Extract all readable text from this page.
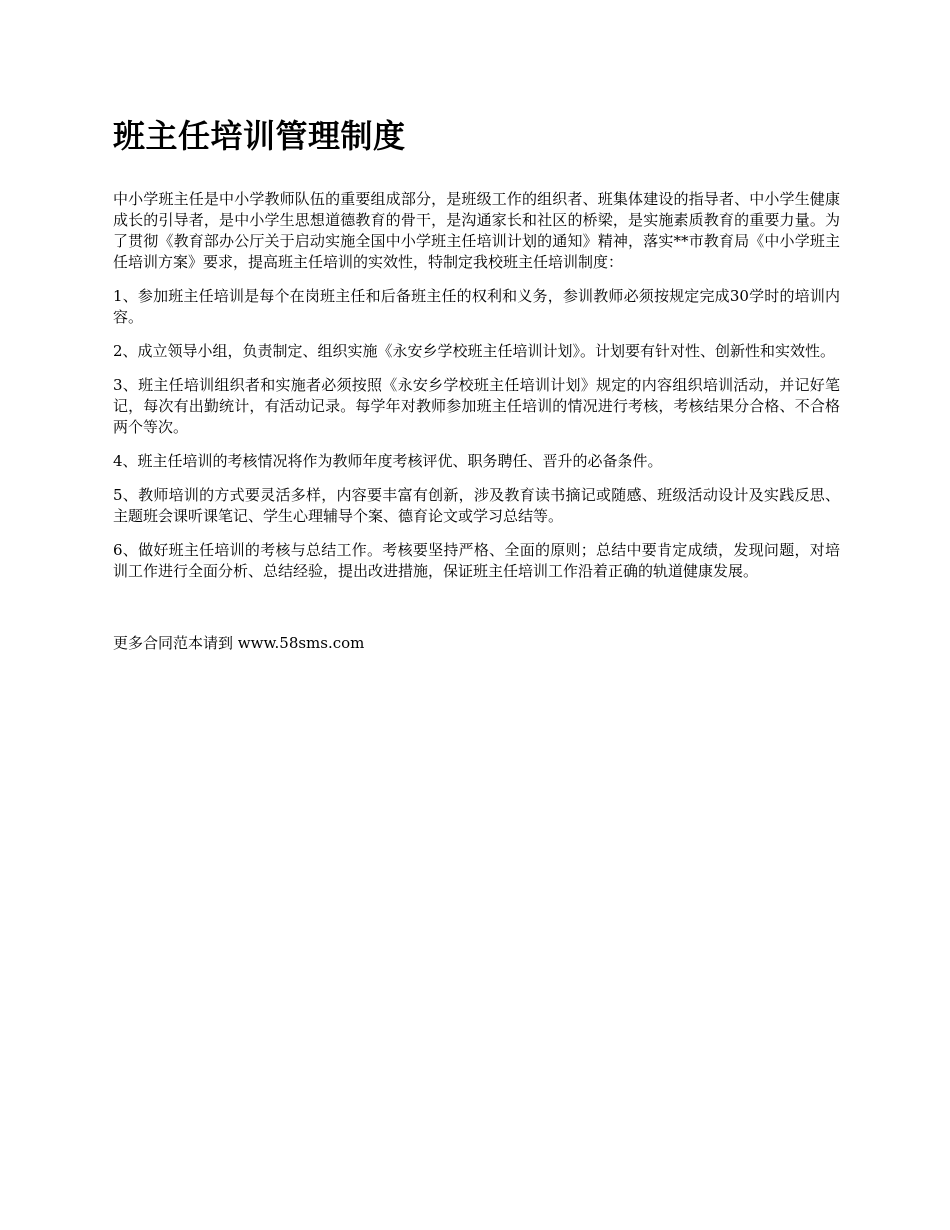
班主任培训管理制度

中小学班主任是中小学教师队伍的重要组成部分，是班级工作的组织者、班集体建设的指导者、中小学生健康成长的引导者，是中小学生思想道德教育的骨干，是沟通家长和社区的桥梁，是实施素质教育的重要力量。为了贯彻《教育部办公厅关于启动实施全国中小学班主任培训计划的通知》精神，落实**市教育局《中小学班主任培训方案》要求，提高班主任培训的实效性，特制定我校班主任培训制度：

1、参加班主任培训是每个在岗班主任和后备班主任的权利和义务，参训教师必须按规定完成30学时的培训内容。

2、成立领导小组，负责制定、组织实施《永安乡学校班主任培训计划》。计划要有针对性、创新性和实效性。

3、班主任培训组织者和实施者必须按照《永安乡学校班主任培训计划》规定的内容组织培训活动，并记好笔记，每次有出勤统计，有活动记录。每学年对教师参加班主任培训的情况进行考核，考核结果分合格、不合格两个等次。

4、班主任培训的考核情况将作为教师年度考核评优、职务聘任、晋升的必备条件。

5、教师培训的方式要灵活多样，内容要丰富有创新，涉及教育读书摘记或随感、班级活动设计及实践反思、主题班会课听课笔记、学生心理辅导个案、德育论文或学习总结等。

6、做好班主任培训的考核与总结工作。考核要坚持严格、全面的原则；总结中要肯定成绩，发现问题，对培训工作进行全面分析、总结经验，提出改进措施，保证班主任培训工作沿着正确的轨道健康发展。

更多合同范本请到 www.58sms.com
